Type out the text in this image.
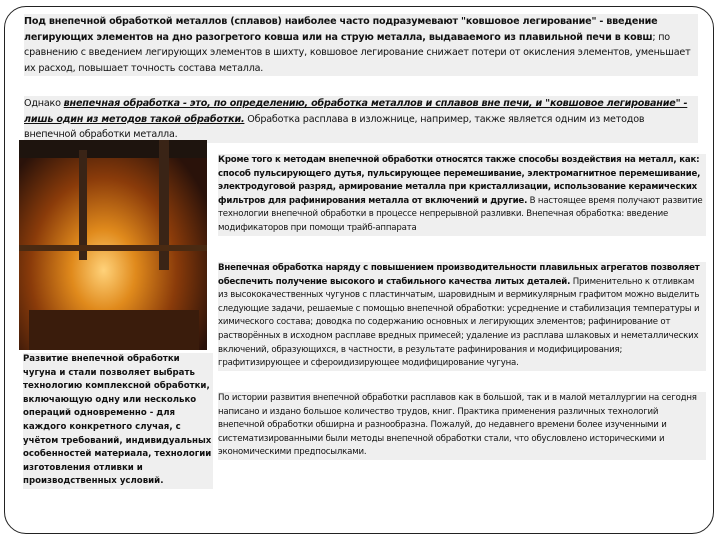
Под внепечной обработкой металлов (сплавов) наиболее часто подразумевают "ковшовое легирование" - введение легирующих элементов на дно разогретого ковша или на струю металла, выдаваемого из плавильной печи в ковш; по сравнению с введением легирующих элементов в шихту, ковшовое легирование снижает потери от окисления элементов, уменьшает их расход, повышает точность состава металла.
Однако внепечная обработка - это, по определению, обработка металлов и сплавов вне печи, и "ковшовое легирование" - лишь один из методов такой обработки. Обработка расплава в изложнице, например, также является одним из методов внепечной обработки металла.
Кроме того к методам внепечной обработки относятся также способы воздействия на металл, как: способ пульсирующего дутья, пульсирующее перемешивание, электромагнитное перемешивание, электродуговой разряд, армирование металла при кристаллизации, использование керамических фильтров для рафинирования металла от включений и другие. В настоящее время получают развитие технологии внепечной обработки в процессе непрерывной разливки. Внепечная обработка: введение модификаторов при помощи трайб-аппарата
Внепечная обработка наряду с повышением производительности плавильных агрегатов позволяет обеспечить получение высокого и стабильного качества литых деталей. Применительно к отливкам из высококачественных чугунов с пластинчатым, шаровидным и вермикулярным графитом можно выделить следующие задачи, решаемые с помощью внепечной обработки: усреднение и стабилизация температуры и химического состава; доводка по содержанию основных и легирующих элементов; рафинирование от растворённых в исходном расплаве вредных примесей; удаление из расплава шлаковых и неметаллических включений, образующихся, в частности, в результате рафинирования и модифицирования; графитизирующее и сфероидизирующее модифицирование чугуна.
По истории развития внепечной обработки расплавов как в большой, так и в малой металлургии на сегодня написано и издано большое количество трудов, книг. Практика применения различных технологий внепечной обработки обширна и разнообразна. Пожалуй, до недавнего времени более изученными и систематизированными были методы внепечной обработки стали, что обусловлено историческими и экономическими предпосылками.
Развитие внепечной обработки чугуна и стали позволяет выбрать технологию комплексной обработки, включающую одну или несколько операций одновременно - для каждого конкретного случая, с учётом требований, индивидуальных особенностей материала, технологии изготовления отливки и производственных условий.
